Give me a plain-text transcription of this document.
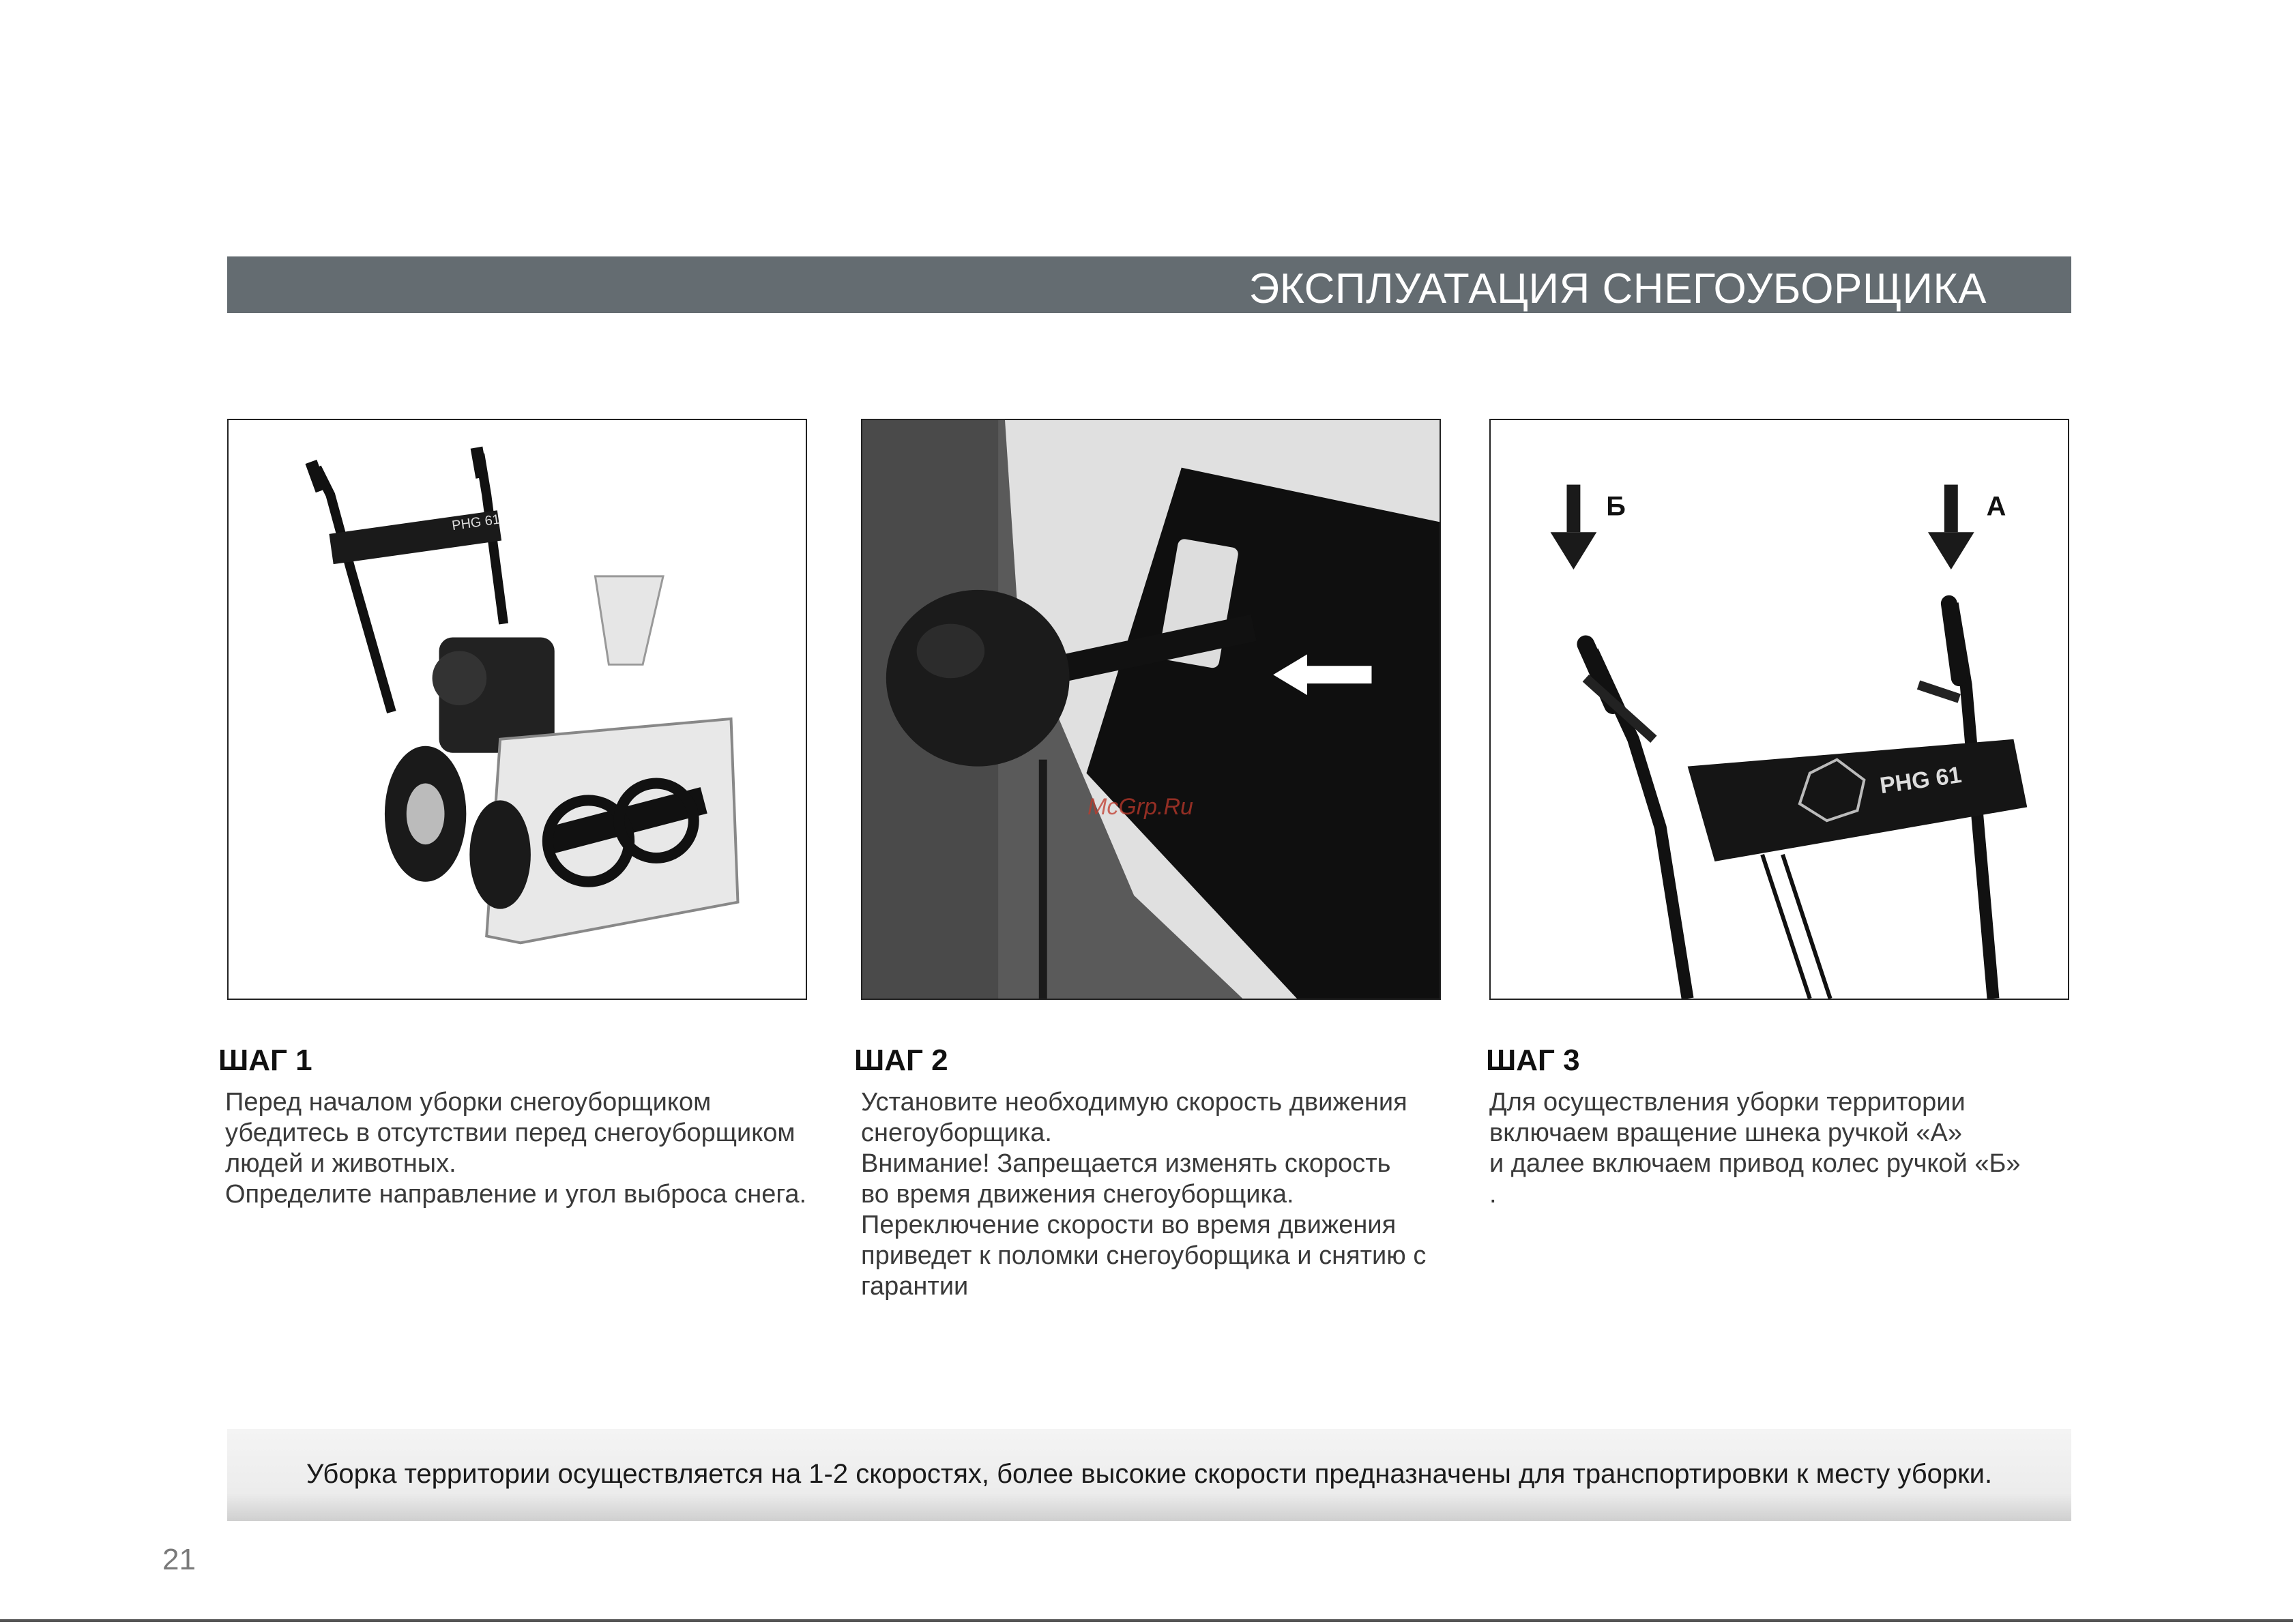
ЭКСПЛУАТАЦИЯ СНЕГОУБОРЩИКА
PHG 61
McGrp.Ru
Б	А
PHG 61
ШАГ 1
Перед началом уборки снегоуборщиком
убедитесь в отсутствии перед снегоуборщиком
людей и животных.
Определите направление и угол выброса снега.
ШАГ 2
Установите необходимую скорость движения
снегоуборщика.
Внимание! Запрещается изменять скорость
во время движения снегоуборщика.
Переключение скорости во время движения
приведет к поломки снегоуборщика и снятию с
гарантии
ШАГ 3
Для осуществления уборки территории
включаем вращение шнека ручкой «А»
и далее включаем привод колес ручкой «Б»
.
Уборка территории осуществляется на 1-2 скоростях, более высокие скорости предназначены для транспортировки к месту уборки.
21
